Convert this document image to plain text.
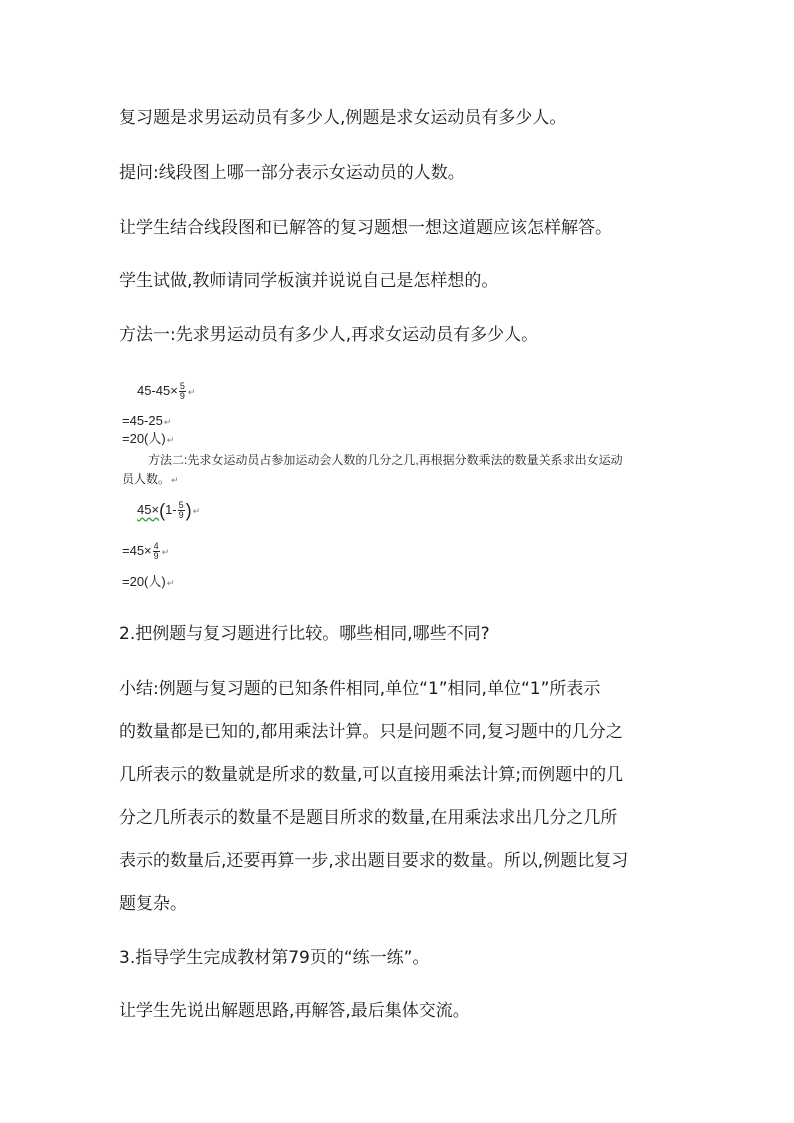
复习题是求男运动员有多少人,例题是求女运动员有多少人。

提问:线段图上哪一部分表示女运动员的人数。

让学生结合线段图和已解答的复习题想一想这道题应该怎样解答。

学生试做,教师请同学板演并说说自己是怎样想的。

方法一:先求男运动员有多少人,再求女运动员有多少人。

$45-45\times \frac{5}{9}$ ↵
=45-25↵
=20(人)↵
方法二:先求女运动员占参加运动会人数的几分之几,再根据分数乘法的数量关系求出女运动
员人数。↵
$45\times(1- \frac{5}{9}$ )↵
$=45\times \frac{4}{9}$ ↵
=20(人)↵

2.把例题与复习题进行比较。哪些相同,哪些不同?

小结:例题与复习题的已知条件相同,单位“1”相同,单位“1”所表示

的数量都是已知的,都用乘法计算。只是问题不同,复习题中的几分之

几所表示的数量就是所求的数量,可以直接用乘法计算;而例题中的几

分之几所表示的数量不是题目所求的数量,在用乘法求出几分之几所

表示的数量后,还要再算一步,求出题目要求的数量。所以,例题比复习

题复杂。

3.指导学生完成教材第79页的“练一练”。

让学生先说出解题思路,再解答,最后集体交流。
